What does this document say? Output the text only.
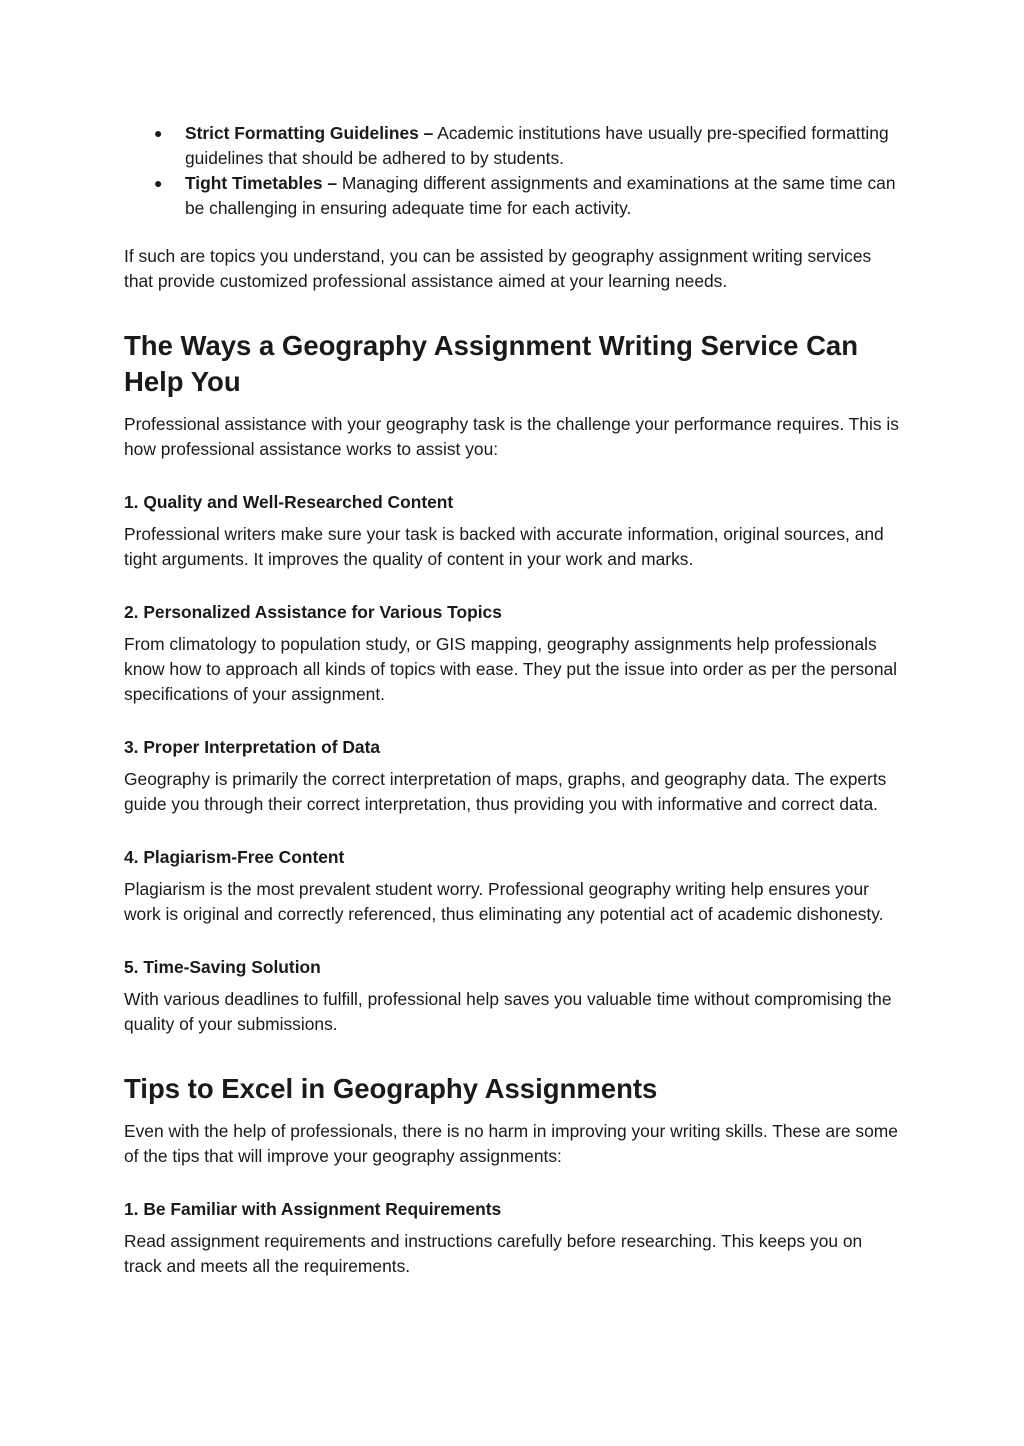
● Strict Formatting Guidelines – Academic institutions have usually pre-specified formatting guidelines that should be adhered to by students.
● Tight Timetables – Managing different assignments and examinations at the same time can be challenging in ensuring adequate time for each activity.

If such are topics you understand, you can be assisted by geography assignment writing services that provide customized professional assistance aimed at your learning needs.

The Ways a Geography Assignment Writing Service Can Help You

Professional assistance with your geography task is the challenge your performance requires. This is how professional assistance works to assist you:

1. Quality and Well-Researched Content

Professional writers make sure your task is backed with accurate information, original sources, and tight arguments. It improves the quality of content in your work and marks.

2. Personalized Assistance for Various Topics

From climatology to population study, or GIS mapping, geography assignments help professionals know how to approach all kinds of topics with ease. They put the issue into order as per the personal specifications of your assignment.

3. Proper Interpretation of Data

Geography is primarily the correct interpretation of maps, graphs, and geography data. The experts guide you through their correct interpretation, thus providing you with informative and correct data.

4. Plagiarism-Free Content

Plagiarism is the most prevalent student worry. Professional geography writing help ensures your work is original and correctly referenced, thus eliminating any potential act of academic dishonesty.

5. Time-Saving Solution

With various deadlines to fulfill, professional help saves you valuable time without compromising the quality of your submissions.

Tips to Excel in Geography Assignments

Even with the help of professionals, there is no harm in improving your writing skills. These are some of the tips that will improve your geography assignments:

1. Be Familiar with Assignment Requirements

Read assignment requirements and instructions carefully before researching. This keeps you on track and meets all the requirements.
